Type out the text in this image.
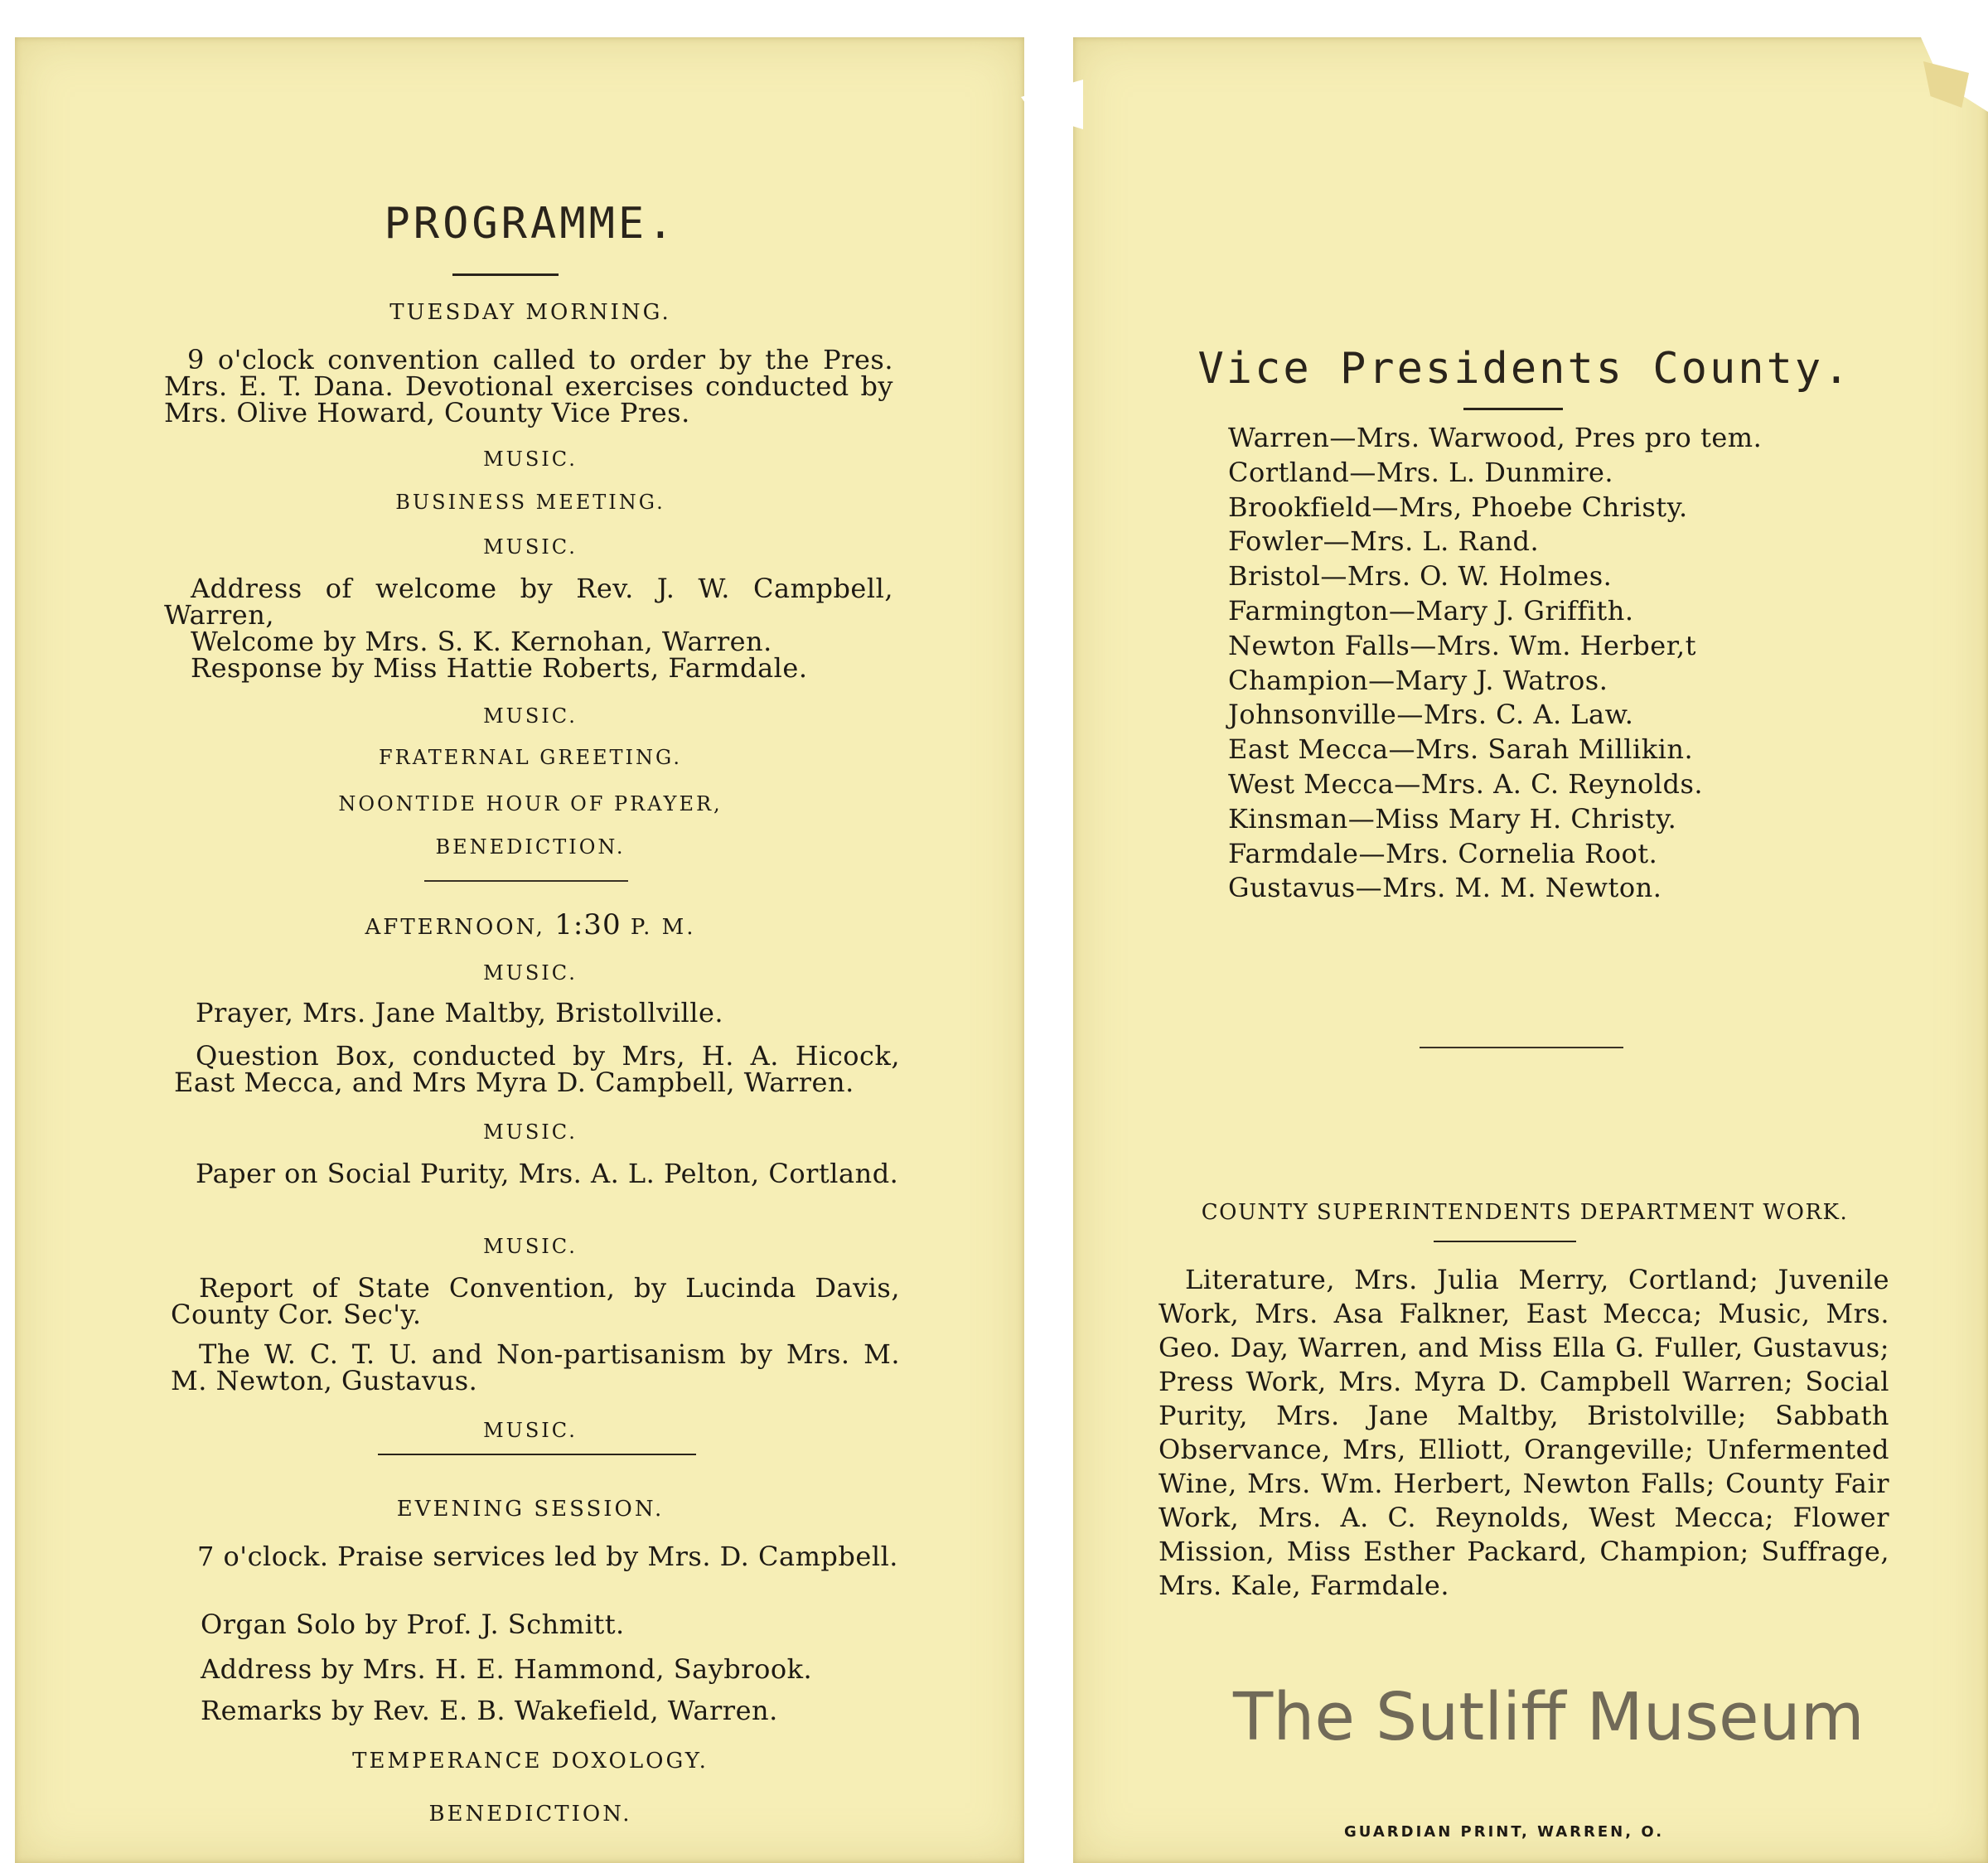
PROGRAMME.
TUESDAY MORNING.
9 o'clock convention called to order by the Pres. Mrs. E. T. Dana. Devotional exercises conducted by Mrs. Olive Howard, County Vice Pres.
MUSIC.
BUSINESS MEETING.
MUSIC.
Address of welcome by Rev. J. W. Campbell, Warren,
Welcome by Mrs. S. K. Kernohan, Warren.
Response by Miss Hattie Roberts, Farmdale.
MUSIC.
FRATERNAL GREETING.
NOONTIDE HOUR OF PRAYER,
BENEDICTION.
AFTERNOON, 1:30 P. M.
MUSIC.
Prayer, Mrs. Jane Maltby, Bristollville.
Question Box, conducted by Mrs, H. A. Hicock, East Mecca, and Mrs Myra D. Campbell, Warren.
MUSIC.
Paper on Social Purity, Mrs. A. L. Pelton, Cortland.
MUSIC.
Report of State Convention, by Lucinda Davis, County Cor. Sec'y.
The W. C. T. U. and Non-partisanism by Mrs. M. M. Newton, Gustavus.
MUSIC.
EVENING SESSION.
7 o'clock. Praise services led by Mrs. D. Campbell.
Organ Solo by Prof. J. Schmitt.
Address by Mrs. H. E. Hammond, Saybrook.
Remarks by Rev. E. B. Wakefield, Warren.
TEMPERANCE DOXOLOGY.
BENEDICTION.
Vice Presidents County.
Warren—Mrs. Warwood, Pres pro tem.
Cortland—Mrs. L. Dunmire.
Brookfield—Mrs, Phoebe Christy.
Fowler—Mrs. L. Rand.
Bristol—Mrs. O. W. Holmes.
Farmington—Mary J. Griffith.
Newton Falls—Mrs. Wm. Herber,t
Champion—Mary J. Watros.
Johnsonville—Mrs. C. A. Law.
East Mecca—Mrs. Sarah Millikin.
West Mecca—Mrs. A. C. Reynolds.
Kinsman—Miss Mary H. Christy.
Farmdale—Mrs. Cornelia Root.
Gustavus—Mrs. M. M. Newton.
COUNTY SUPERINTENDENTS DEPARTMENT WORK.
Literature, Mrs. Julia Merry, Cortland; Juvenile Work, Mrs. Asa Falkner, East Mecca; Music, Mrs. Geo. Day, Warren, and Miss Ella G. Fuller, Gustavus; Press Work, Mrs. Myra D. Campbell Warren; Social Purity, Mrs. Jane Maltby, Bristolville; Sabbath Observance, Mrs, Elliott, Orangeville; Unfermented Wine, Mrs. Wm. Herbert, Newton Falls; County Fair Work, Mrs. A. C. Reynolds, West Mecca; Flower Mission, Miss Esther Packard, Champion; Suffrage, Mrs. Kale, Farmdale.
The Sutliff Museum
GUARDIAN PRINT, WARREN, O.
